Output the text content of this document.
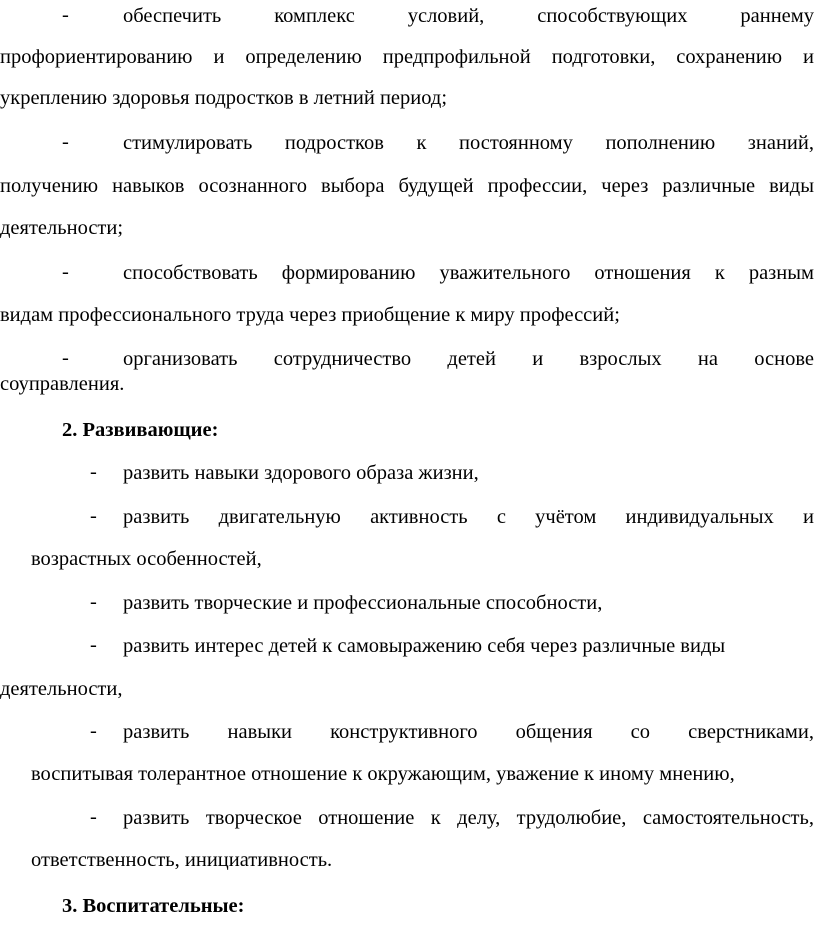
-	обеспечить комплекс условий, способствующих раннему
профориентированию и определению предпрофильной подготовки, сохранению и
укреплению здоровья подростков в летний период;
-	стимулировать подростков к постоянному пополнению знаний,
получению навыков осознанного выбора будущей профессии, через различные виды
деятельности;
-	способствовать формированию уважительного отношения к разным
видам профессионального труда через приобщение к миру профессий;
-	организовать сотрудничество детей и взрослых на основе
соуправления.
2. Развивающие:
- развить навыки здорового образа жизни,
- развить двигательную активность с учётом индивидуальных и
возрастных особенностей,
- развить творческие и профессиональные способности,
- развить интерес детей к самовыражению себя через различные виды
деятельности,
- развить навыки конструктивного общения со сверстниками,
воспитывая толерантное отношение к окружающим, уважение к иному мнению,
- развить творческое отношение к делу, трудолюбие, самостоятельность,
ответственность, инициативность.
3. Воспитательные:
